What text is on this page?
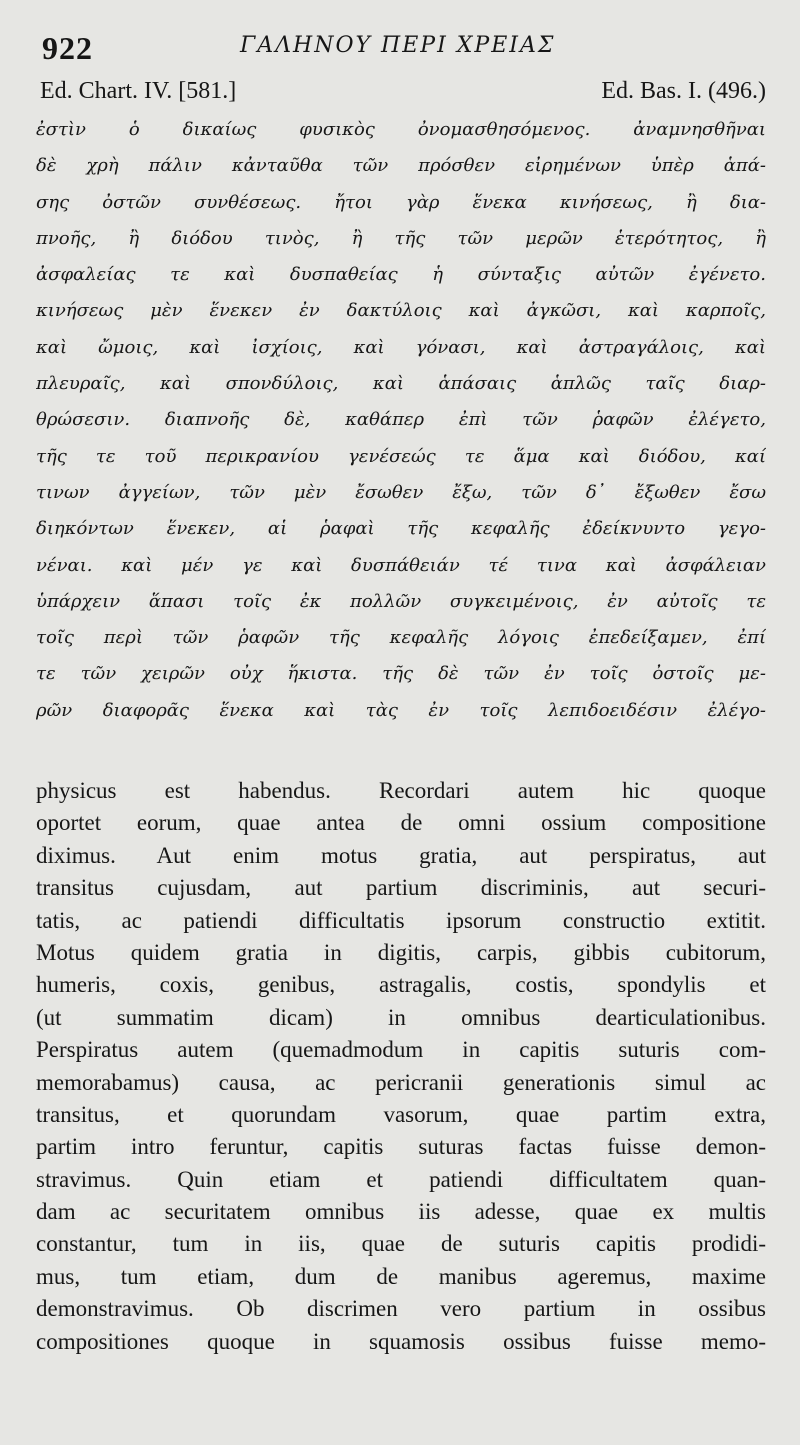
922	ΓΑΛΗΝΟΥ ΠΕΡΙ ΧΡΕΙΑΣ
Ed. Chart. IV. [581.]	Ed. Bas. I. (496.)
ἐστὶν ὁ δικαίως φυσικὸς ὀνομασθησόμενος. ἀναμνησθῆναι
δὲ χρὴ πάλιν κἀνταῦθα τῶν πρόσθεν εἰρημένων ὑπὲρ ἁπά-
σης ὀστῶν συνθέσεως. ἤτοι γὰρ ἕνεκα κινήσεως, ἢ δια-
πνοῆς, ἢ διόδου τινὸς, ἢ τῆς τῶν μερῶν ἑτερότητος, ἢ
ἀσφαλείας τε καὶ δυσπαθείας ἡ σύνταξις αὐτῶν ἐγένετο.
κινήσεως μὲν ἕνεκεν ἐν δακτύλοις καὶ ἀγκῶσι, καὶ καρποῖς,
καὶ ὤμοις, καὶ ἰσχίοις, καὶ γόνασι, καὶ ἀστραγάλοις, καὶ
πλευραῖς, καὶ σπονδύλοις, καὶ ἁπάσαις ἁπλῶς ταῖς διαρ-
θρώσεσιν. διαπνοῆς δὲ, καθάπερ ἐπὶ τῶν ῥαφῶν ἐλέγετο,
τῆς τε τοῦ περικρανίου γενέσεώς τε ἅμα καὶ διόδου, καί
τινων ἀγγείων, τῶν μὲν ἔσωθεν ἔξω, τῶν δ᾽ ἔξωθεν ἔσω
διηκόντων ἕνεκεν, αἱ ῥαφαὶ τῆς κεφαλῆς ἐδείκνυντο γεγο-
νέναι. καὶ μέν γε καὶ δυσπάθειάν τέ τινα καὶ ἀσφάλειαν
ὑπάρχειν ἅπασι τοῖς ἐκ πολλῶν συγκειμένοις, ἐν αὐτοῖς τε
τοῖς περὶ τῶν ῥαφῶν τῆς κεφαλῆς λόγοις ἐπεδείξαμεν, ἐπί
τε τῶν χειρῶν οὐχ ἥκιστα. τῆς δὲ τῶν ἐν τοῖς ὀστοῖς με-
ρῶν διαφορᾶς ἕνεκα καὶ τὰς ἐν τοῖς λεπιδοειδέσιν ἐλέγο-
physicus est habendus. Recordari autem hic quoque
oportet eorum, quae antea de omni ossium compositione
diximus. Aut enim motus gratia, aut perspiratus, aut
transitus cujusdam, aut partium discriminis, aut securi-
tatis, ac patiendi difficultatis ipsorum constructio extitit.
Motus quidem gratia in digitis, carpis, gibbis cubitorum,
humeris, coxis, genibus, astragalis, costis, spondylis et
(ut summatim dicam) in omnibus dearticulationibus.
Perspiratus autem (quemadmodum in capitis suturis com-
memorabamus) causa, ac pericranii generationis simul ac
transitus, et quorundam vasorum, quae partim extra,
partim intro feruntur, capitis suturas factas fuisse demon-
stravimus. Quin etiam et patiendi difficultatem quan-
dam ac securitatem omnibus iis adesse, quae ex multis
constantur, tum in iis, quae de suturis capitis prodidi-
mus, tum etiam, dum de manibus ageremus, maxime
demonstravimus. Ob discrimen vero partium in ossibus
compositiones quoque in squamosis ossibus fuisse memo-
